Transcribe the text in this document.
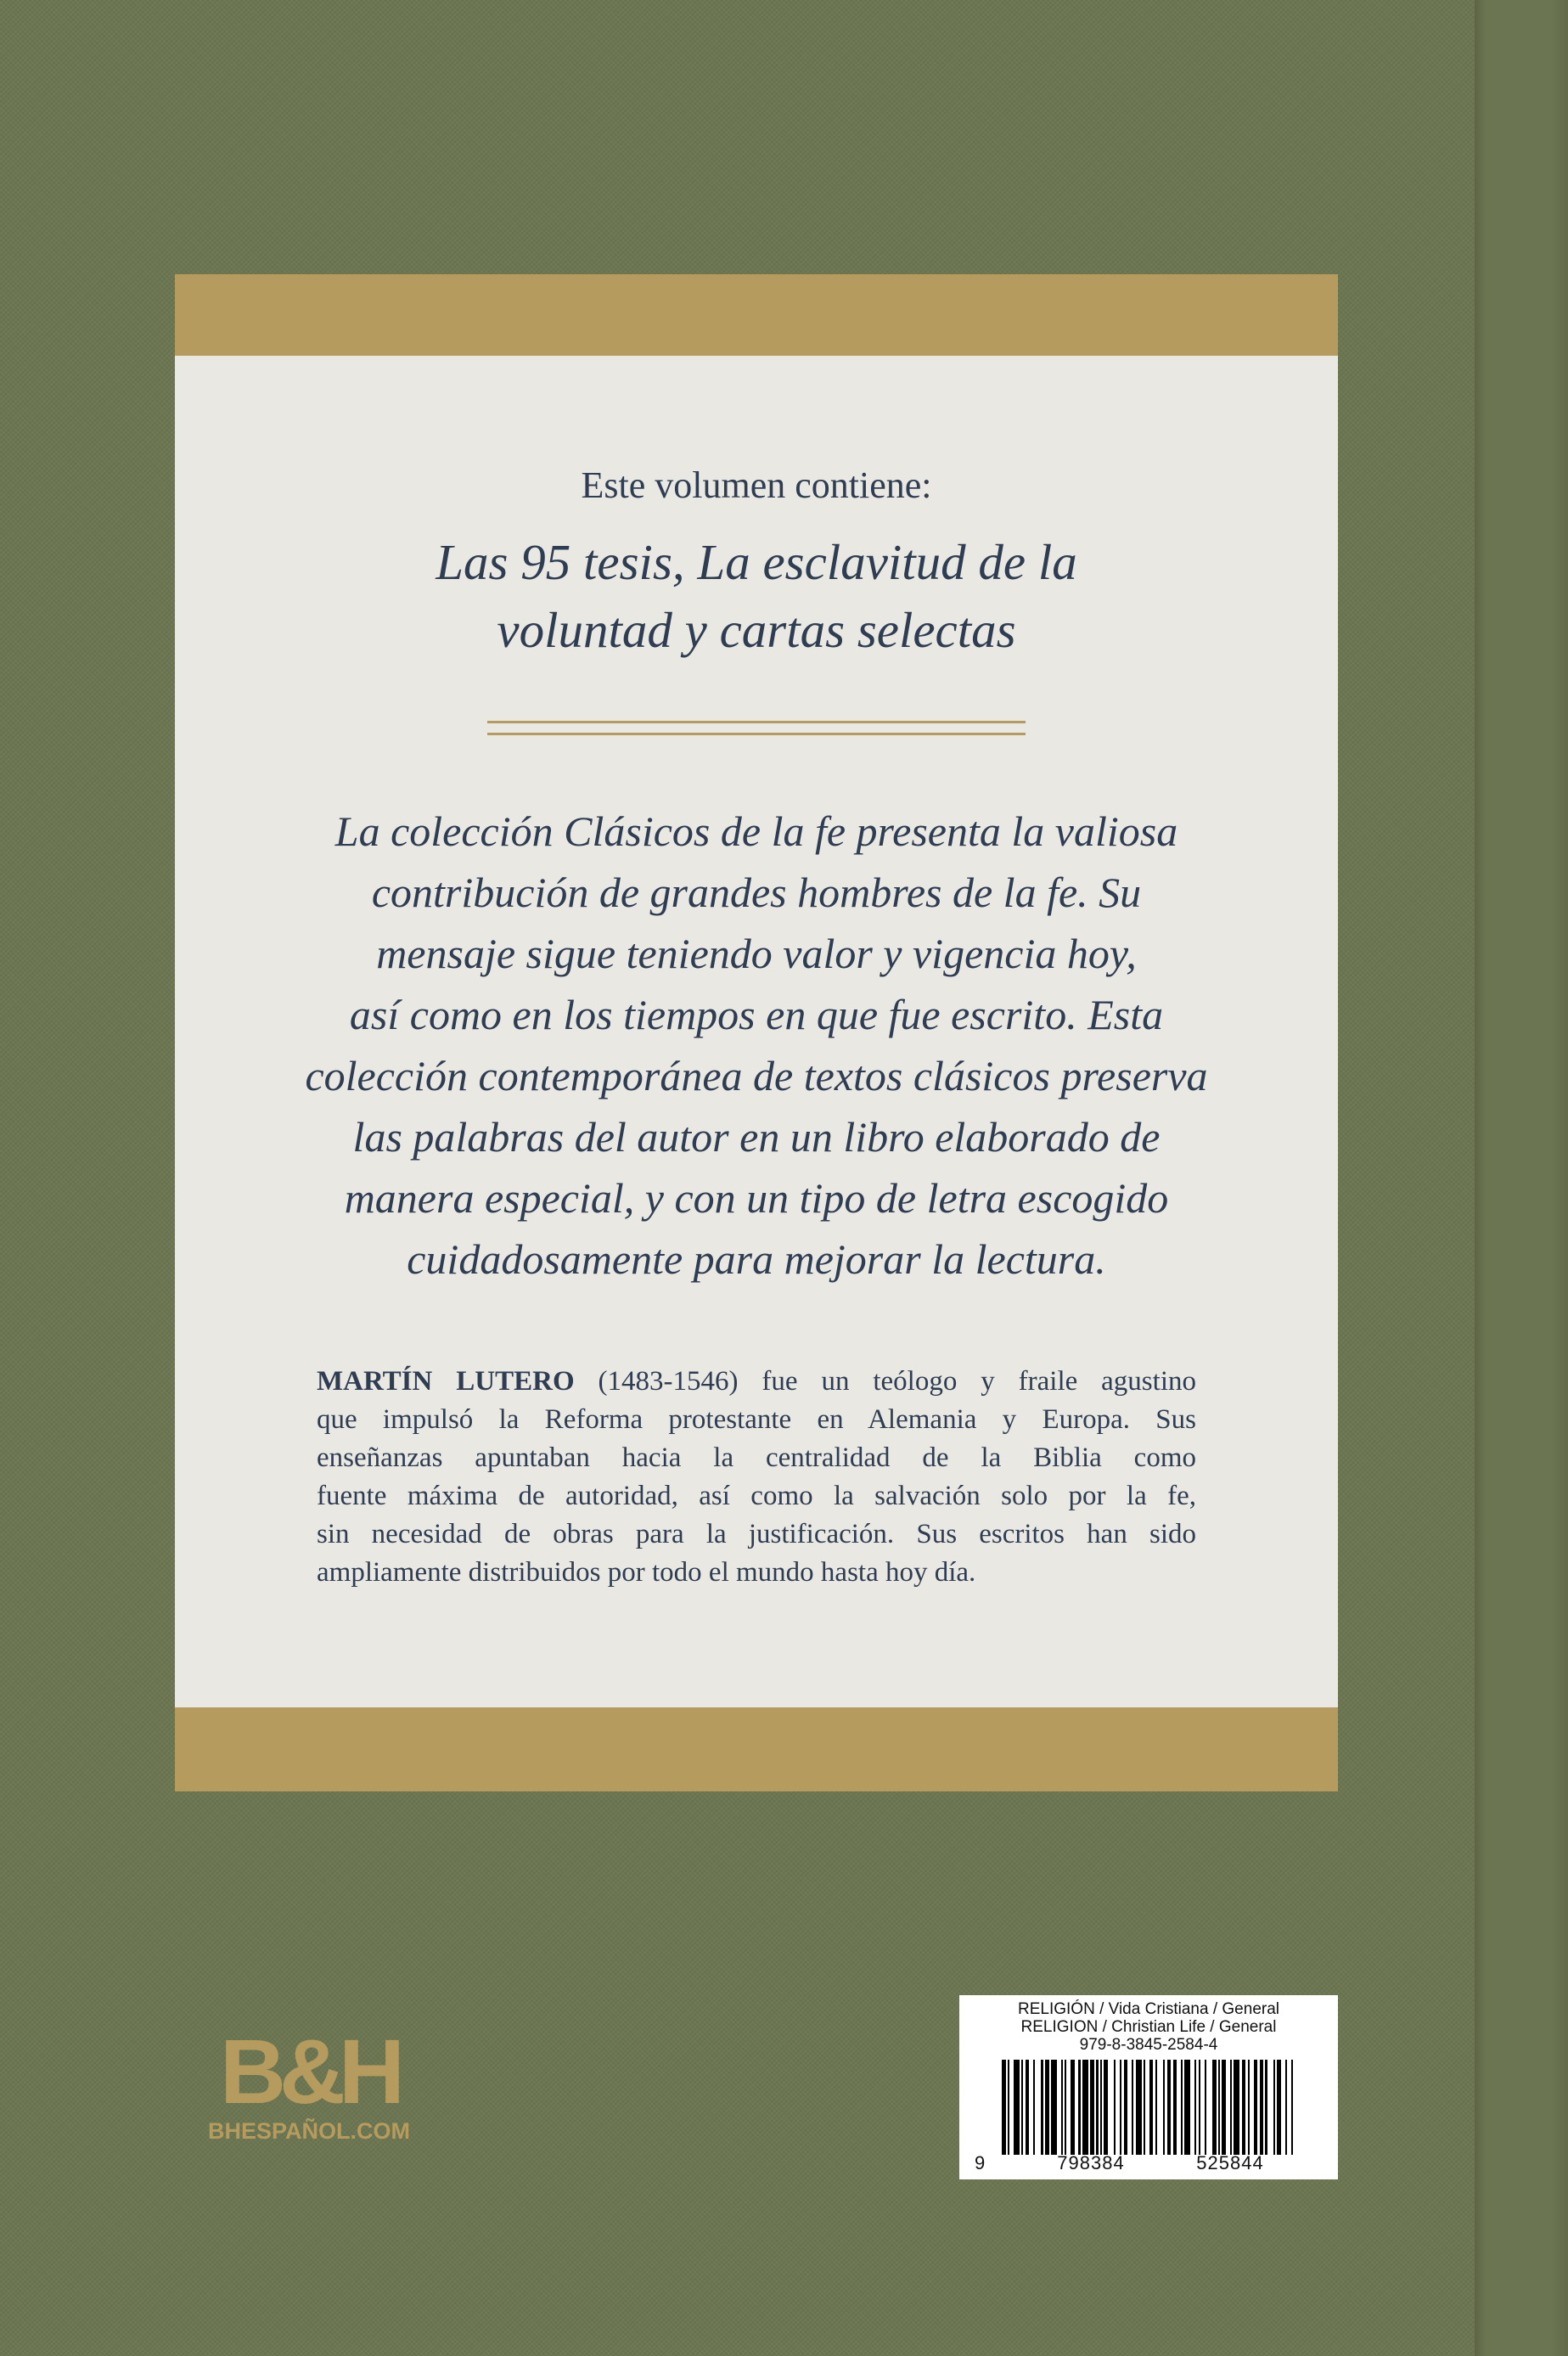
Este volumen contiene:
Las 95 tesis, La esclavitud de la
voluntad y cartas selectas
La colección Clásicos de la fe presenta la valiosa
contribución de grandes hombres de la fe. Su
mensaje sigue teniendo valor y vigencia hoy,
así como en los tiempos en que fue escrito. Esta
colección contemporánea de textos clásicos preserva
las palabras del autor en un libro elaborado de
manera especial, y con un tipo de letra escogido
cuidadosamente para mejorar la lectura.
MARTÍN LUTERO (1483-1546) fue un teólogo y fraile agustino
que impulsó la Reforma protestante en Alemania y Europa. Sus
enseñanzas apuntaban hacia la centralidad de la Biblia como
fuente máxima de autoridad, así como la salvación solo por la fe,
sin necesidad de obras para la justificación. Sus escritos han sido
ampliamente distribuidos por todo el mundo hasta hoy día.
B&H
BHESPAÑOL.COM
RELIGIÓN / Vida Cristiana / General
RELIGION / Christian Life / General
979-8-3845-2584-4
9	798384	525844
